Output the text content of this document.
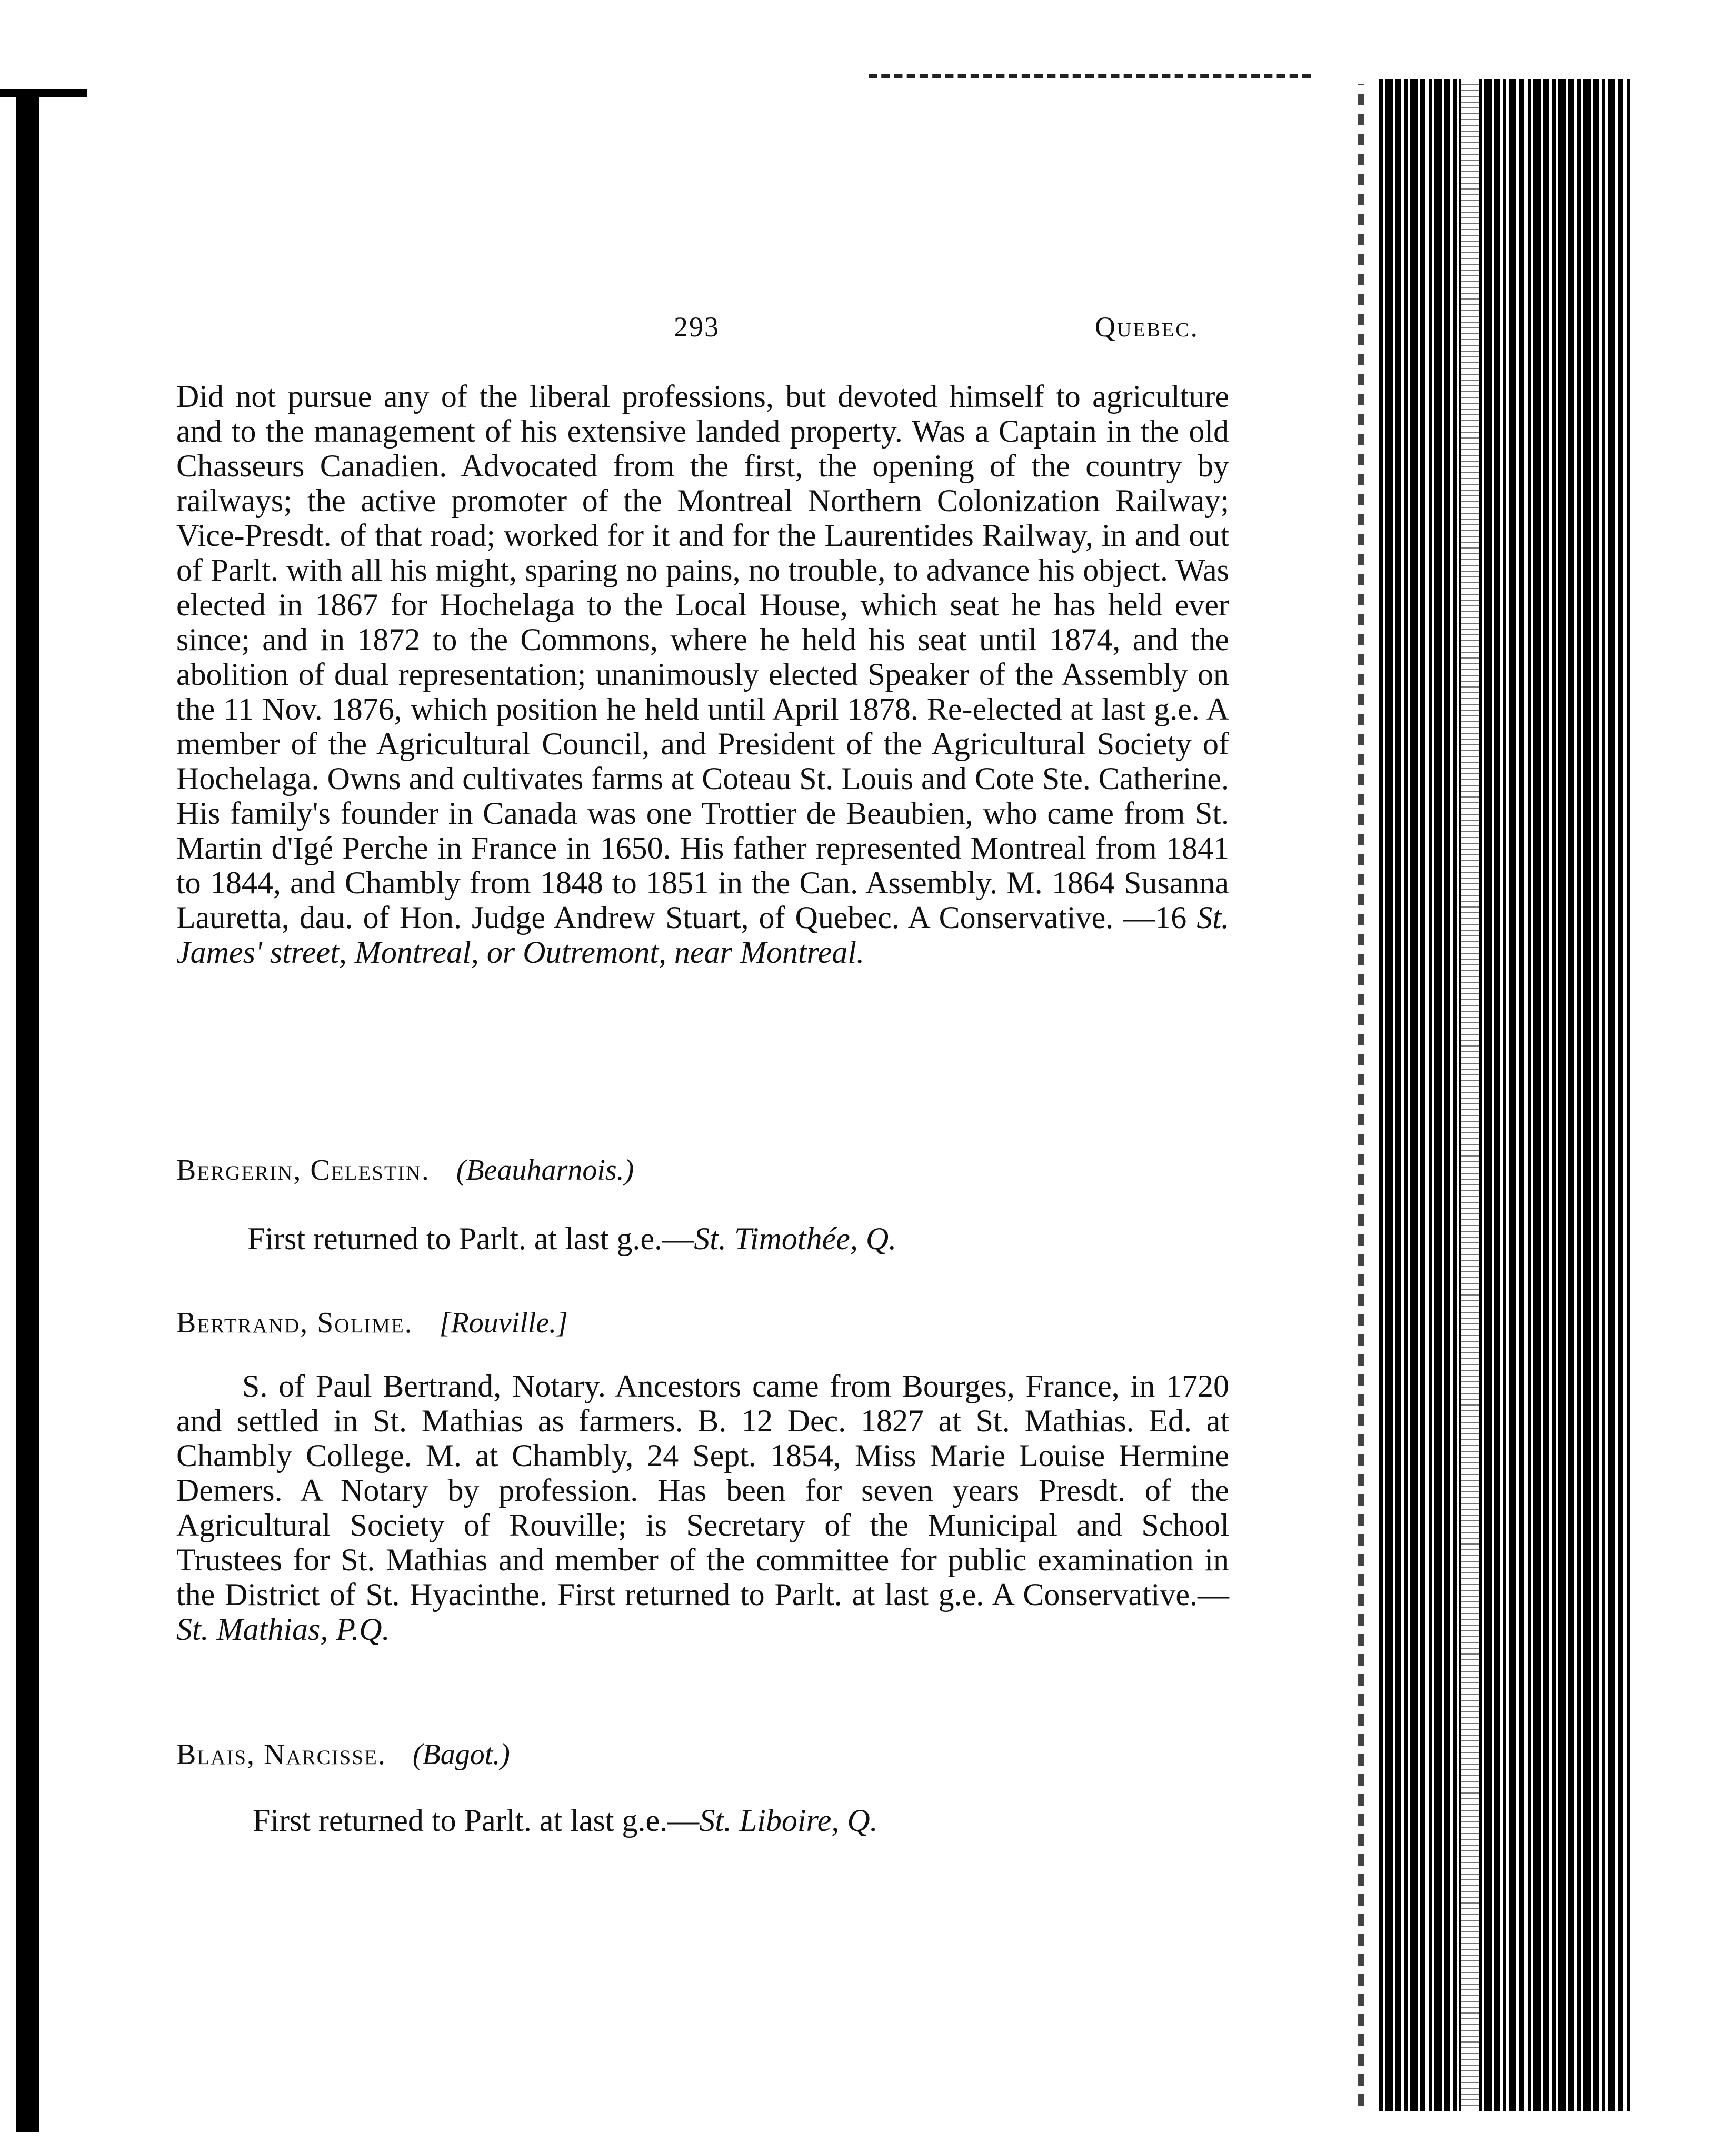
293	Quebec.

Did not pursue any of the liberal professions, but devoted himself to agriculture and to the management of his extensive landed property. Was a Captain in the old Chasseurs Canadien. Advocated from the first, the opening of the country by railways; the active promoter of the Montreal Northern Colonization Railway; Vice-Presdt. of that road; worked for it and for the Laurentides Railway, in and out of Parlt. with all his might, sparing no pains, no trouble, to advance his object. Was elected in 1867 for Hochelaga to the Local House, which seat he has held ever since; and in 1872 to the Commons, where he held his seat until 1874, and the abolition of dual representation; unanimously elected Speaker of the Assembly on the 11 Nov. 1876, which position he held until April 1878. Re-elected at last g.e. A member of the Agricultural Council, and President of the Agricultural Society of Hochelaga. Owns and cultivates farms at Coteau St. Louis and Cote Ste. Catherine. His family's founder in Canada was one Trottier de Beaubien, who came from St. Martin d'Igé Perche in France in 1650. His father represented Montreal from 1841 to 1844, and Chambly from 1848 to 1851 in the Can. Assembly. M. 1864 Susanna Lauretta, dau. of Hon. Judge Andrew Stuart, of Quebec. A Conservative. —16 St. James' street, Montreal, or Outremont, near Montreal.

Bergerin, Celestin. (Beauharnois.)

First returned to Parlt. at last g.e.—St. Timothée, Q.

Bertrand, Solime. [Rouville.]

S. of Paul Bertrand, Notary. Ancestors came from Bourges, France, in 1720 and settled in St. Mathias as farmers. B. 12 Dec. 1827 at St. Mathias. Ed. at Chambly College. M. at Chambly, 24 Sept. 1854, Miss Marie Louise Hermine Demers. A Notary by profession. Has been for seven years Presdt. of the Agricultural Society of Rouville; is Secretary of the Municipal and School Trustees for St. Mathias and member of the committee for public examination in the District of St. Hyacinthe. First returned to Parlt. at last g.e. A Conservative.—St. Mathias, P.Q.

Blais, Narcisse. (Bagot.)

First returned to Parlt. at last g.e.—St. Liboire, Q.
